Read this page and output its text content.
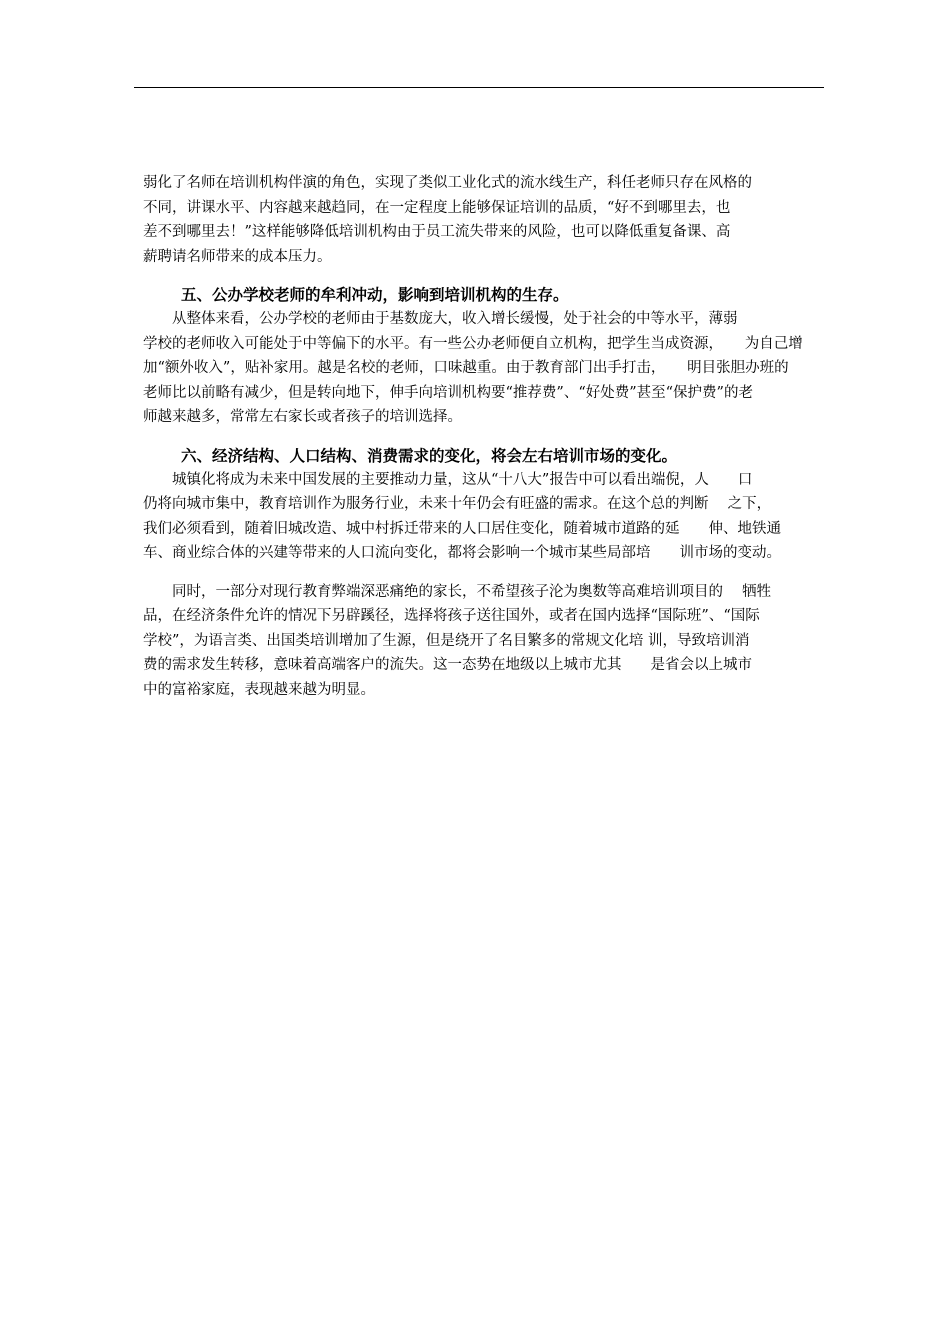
弱化了名师在培训机构伴演的角色，实现了类似工业化式的流水线生产，科任老师只存在风格的
不同，讲课水平、内容越来越趋同，在一定程度上能够保证培训的品质，“好不到哪里去，也
差不到哪里去！”这样能够降低培训机构由于员工流失带来的风险，也可以降低重复备课、高
薪聘请名师带来的成本压力。

五、公办学校老师的牟利冲动，影响到培训机构的生存。

从整体来看，公办学校的老师由于基数庞大，收入增长缓慢，处于社会的中等水平，薄弱
学校的老师收入可能处于中等偏下的水平。有一些公办老师便自立机构，把学生当成资源，　　为自己增
加“额外收入”，贴补家用。越是名校的老师，口味越重。由于教育部门出手打击，　　明目张胆办班的
老师比以前略有减少，但是转向地下，伸手向培训机构要“推荐费”、“好处费”甚至“保护费”的老
师越来越多，常常左右家长或者孩子的培训选择。

六、经济结构、人口结构、消费需求的变化，将会左右培训市场的变化。

城镇化将成为未来中国发展的主要推动力量，这从“十八大”报告中可以看出端倪，人　　口
仍将向城市集中，教育培训作为服务行业，未来十年仍会有旺盛的需求。在这个总的判断　 之下，
我们必须看到，随着旧城改造、城中村拆迁带来的人口居住变化，随着城市道路的延　　伸、地铁通
车、商业综合体的兴建等带来的人口流向变化，都将会影响一个城市某些局部培　　训市场的变动。

同时，一部分对现行教育弊端深恶痛绝的家长，不希望孩子沦为奥数等高难培训项目的　 牺牲
品，在经济条件允许的情况下另辟蹊径，选择将孩子送往国外，或者在国内选择“国际班”、“国际
学校”，为语言类、出国类培训增加了生源，但是绕开了名目繁多的常规文化培 训，导致培训消
费的需求发生转移，意味着高端客户的流失。这一态势在地级以上城市尤其　　是省会以上城市
中的富裕家庭，表现越来越为明显。
